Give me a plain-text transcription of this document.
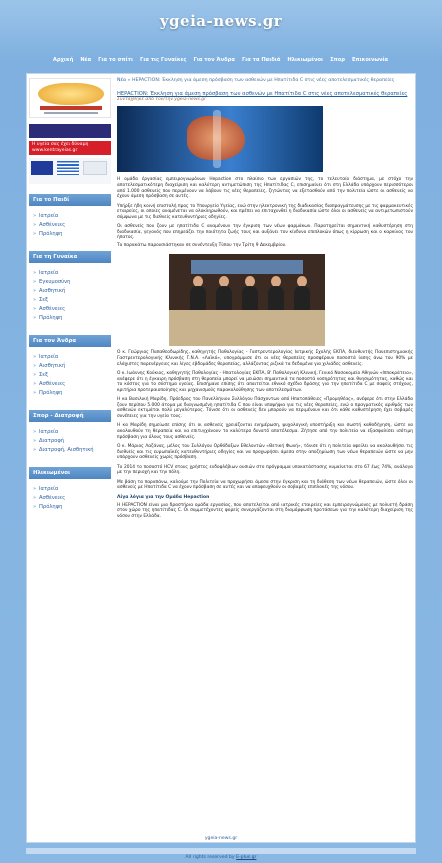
ygeia-news.gr
Αρχική Νέα Για το σπίτι Για τις Γυναίκες Για τον Άνδρα Για τα Παιδιά Ηλικιωμένοι Σπορ Επικοινωνία
Η υγεία σας έχει δύναμη www.kentrayeias.gr
Για το Παιδί
» Ιατρεία
» Ασθένειες
» Πρόληψη
Για τη Γυναίκα
» Ιατρεία
» Εγκυμοσύνη
» Αισθητική
» Σεξ
» Ασθένειες
» Πρόληψη
Για τον Άνδρα
» Ιατρεία
» Αισθητική
» Σεξ
» Ασθένειες
» Πρόληψη
Σπορ - Διατροφή
» Ιατρεία
» Διατροφή
» Διατροφή, Αισθητική
Ηλικιωμένοι
» Ιατρεία
» Ασθένειες
» Πρόληψη
Νέα » HEPACTION: Έκκληση για άμεση πρόσβαση των ασθενών με Ηπατίτιδα C στις νέες αποτελεσματικές θεραπείες
HEPACTION: Έκκληση για άμεση πρόσβαση των ασθενών με Ηπατίτιδα C στις νέες αποτελεσματικές θεραπείες
Συντάχθηκε από τον/την ygeia-news.gr

Η ομάδα έργασίας εμπειρογνωμόνων Hepaction στο πλαίσιο των εργασιών της, το τελευταίο διάστημα, με στόχο την αποτελεσματικότερη διαχείριση και καλύτερη αντιμετώπιση της Ηπατίτιδας C, επισημαίνει ότι στη Ελλάδα υπάρχουν περισσότεροι από 1.000 ασθενείς που περιμένουν να λάβουν τις νέες θεραπείες, ζητώντας να εξετασθούν από την πολιτεία ώστε οι ασθενείς να έχουν άμεση πρόσβαση σε αυτές.

Υπήρξε ήδη κοινή επιστολή προς το Υπουργείο Υγείας, ενώ στην ηλεκτρονική της διαδικασίας διαπραγμάτευσης με τις φαρμακευτικές εταιρείες, οι οποίες αναμένεται να ολοκληρωθούν, και πρέπει να επιταχυνθεί η διαδικασία ώστε όλοι οι ασθενείς να αντιμετωπιστούν σύμφωνα με τις διεθνείς κατευθυντήριες οδηγίες.

Οι ασθενείς που ζουν με ηπατίτιδα C αναμένουν την έγκριση των νέων φαρμάκων. Παρατηρείται σημαντική καθυστέρηση στη διαδικασία, γεγονός που επηρεάζει την ποιότητα ζωής τους και αυξάνει τον κίνδυνο επιπλοκών όπως η κίρρωση και ο καρκίνος του ήπατος.

Το παρακάτω παρουσιάστηκαν σε συνέντευξη Τύπου την Τρίτη 9 Δεκεμβρίου.

Ο κ. Γεώργιος Παπαθεοδωρίδης, καθηγητής Παθολογίας - Γαστρεντερολογίας Ιατρικής Σχολής ΕΚΠΑ, διευθυντής Πανεπιστημιακής Γαστρεντερολογικής Κλινικής Γ.Ν.Α. «Λαϊκό», υπογράμμισε ότι οι νέες θεραπείες προσφέρουν ποσοστά ίασης άνω του 90% με ελάχιστες παρενέργειες και λίγες εβδομάδες θεραπείας, αλλάζοντας ριζικά τα δεδομένα για χιλιάδες ασθενείς.

Ο κ. Ιωάννης Κούκιος, καθηγητής Παθολογίας - Ηπατολογίας ΕΚΠΑ, Β' Παθολογική Κλινική, Γενικό Νοσοκομείο Αθηνών «Ιπποκράτειο», ανέφερε ότι η έγκαιρη πρόσβαση στη θεραπεία μπορεί να μειώσει σημαντικά τα ποσοστά νοσηρότητας και θνησιμότητας, καθώς και το κόστος για το σύστημα υγείας. Επισήμανε επίσης ότι απαιτείται εθνικό σχέδιο δράσης για την ηπατίτιδα C με σαφείς στόχους, κριτήρια προτεραιοποίησης και μηχανισμούς παρακολούθησης των αποτελεσμάτων.

Η κα Βασιλική Μαρίδη, Πρόεδρος του Πανελλήνιου Συλλόγου Πάσχοντων από Ηπατοπάθειες «Προμηθέας», ανέφερε ότι στην Ελλάδα ζουν περίπου 5.000 άτομα με διαγνωσμένη ηπατίτιδα C που είναι υποψήφια για τις νέες θεραπείες, ενώ ο πραγματικός αριθμός των ασθενών εκτιμάται πολύ μεγαλύτερος. Τόνισε ότι οι ασθενείς δεν μπορούν να περιμένουν και ότι κάθε καθυστέρηση έχει σοβαρές συνέπειες για την υγεία τους.

Η κα Μαρίδη σημείωσε επίσης ότι οι ασθενείς χρειάζονται ενημέρωση, ψυχολογική υποστήριξη και σωστή καθοδήγηση, ώστε να ακολουθούν τη θεραπεία και να επιτυγχάνουν το καλύτερο δυνατό αποτέλεσμα. Ζήτησε από την πολιτεία να εξασφαλίσει ισότιμη πρόσβαση για όλους τους ασθενείς.

Ο κ. Μάριος Λαζάνας, μέλος του Συλλόγου Ορθόδοξων Εθελοντών «Θετική Φωνή», τόνισε ότι η πολιτεία οφείλει να ακολουθήσει τις διεθνείς και τις ευρωπαϊκές κατευθυντήριες οδηγίες και να προχωρήσει άμεσα στην αποζημίωση των νέων θεραπειών ώστε να μην υπάρχουν ασθενείς χωρίς πρόσβαση.

Το 2014 το ποσοστό HCV στους χρήστες ενδοφλέβιων ουσιών στο πρόγραμμα υποκατάστασης κυμαίνεται στο 67 έως 74%, ανάλογα με την περιοχή και την πόλη.

Με βάση τα παραπάνω, καλούμε την Πολιτεία να προχωρήσει άμεσα στην έγκριση και τη διάθεση των νέων θεραπειών, ώστε όλοι οι ασθενείς με Ηπατίτιδα C να έχουν πρόσβαση σε αυτές και να αποφευχθούν οι σοβαρές επιπλοκές της νόσου.

Λίγα λόγια για την Ομάδα Hepaction

Η HEPACTION είναι μια δραστήρια ομάδα εργασίας, που αποτελείται από ιατρικές εταιρείες και εμπειρογνώμονες με πολυετή δράση στον χώρο της ηπατίτιδας C. Οι συμμετέχοντες φορείς συνεργάζονται στη διαμόρφωση προτάσεων για την καλύτερη διαχείριση της νόσου στην Ελλάδα.

ygeia-news.gr
All rights reserved by Ε-plus.gr
